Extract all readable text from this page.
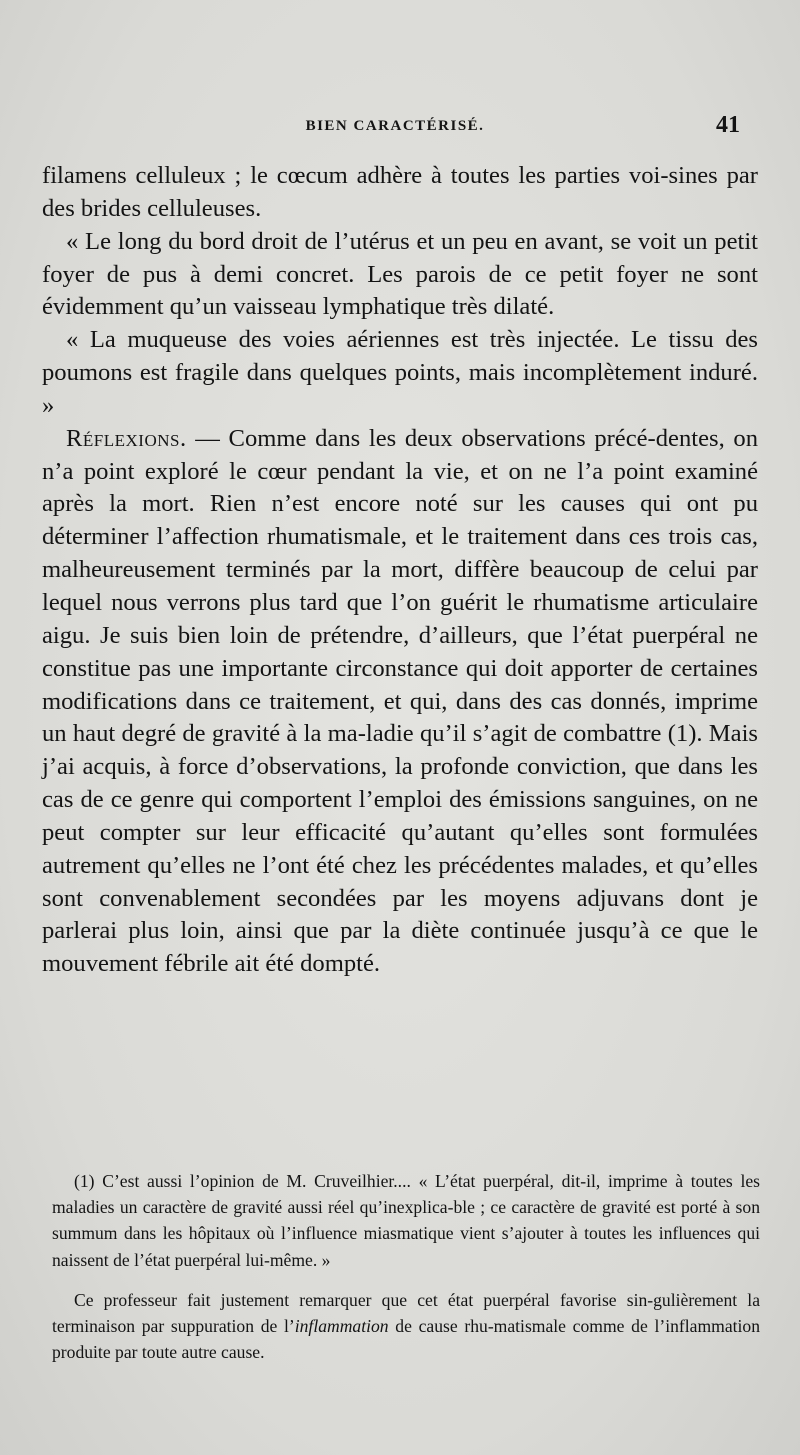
BIEN CARACTÉRISÉ.	41

filamens celluleux ; le cœcum adhère à toutes les parties voi-sines par des brides celluleuses.

« Le long du bord droit de l’utérus et un peu en avant, se voit un petit foyer de pus à demi concret. Les parois de ce petit foyer ne sont évidemment qu’un vaisseau lymphatique très dilaté.

« La muqueuse des voies aériennes est très injectée. Le tissu des poumons est fragile dans quelques points, mais incomplètement induré. »

Réflexions. — Comme dans les deux observations précé-dentes, on n’a point exploré le cœur pendant la vie, et on ne l’a point examiné après la mort. Rien n’est encore noté sur les causes qui ont pu déterminer l’affection rhumatismale, et le traitement dans ces trois cas, malheureusement terminés par la mort, diffère beaucoup de celui par lequel nous verrons plus tard que l’on guérit le rhumatisme articulaire aigu. Je suis bien loin de prétendre, d’ailleurs, que l’état puerpéral ne constitue pas une importante circonstance qui doit apporter de certaines modifications dans ce traitement, et qui, dans des cas donnés, imprime un haut degré de gravité à la ma-ladie qu’il s’agit de combattre (1). Mais j’ai acquis, à force d’observations, la profonde conviction, que dans les cas de ce genre qui comportent l’emploi des émissions sanguines, on ne peut compter sur leur efficacité qu’autant qu’elles sont formulées autrement qu’elles ne l’ont été chez les précédentes malades, et qu’elles sont convenablement secondées par les moyens adjuvans dont je parlerai plus loin, ainsi que par la diète continuée jusqu’à ce que le mouvement fébrile ait été dompté.

(1) C’est aussi l’opinion de M. Cruveilhier.... « L’état puerpéral, dit-il, imprime à toutes les maladies un caractère de gravité aussi réel qu’inexplica-ble ; ce caractère de gravité est porté à son summum dans les hôpitaux où l’influence miasmatique vient s’ajouter à toutes les influences qui naissent de l’état puerpéral lui-même. »

Ce professeur fait justement remarquer que cet état puerpéral favorise sin-gulièrement la terminaison par suppuration de l’inflammation de cause rhu-matismale comme de l’inflammation produite par toute autre cause.
